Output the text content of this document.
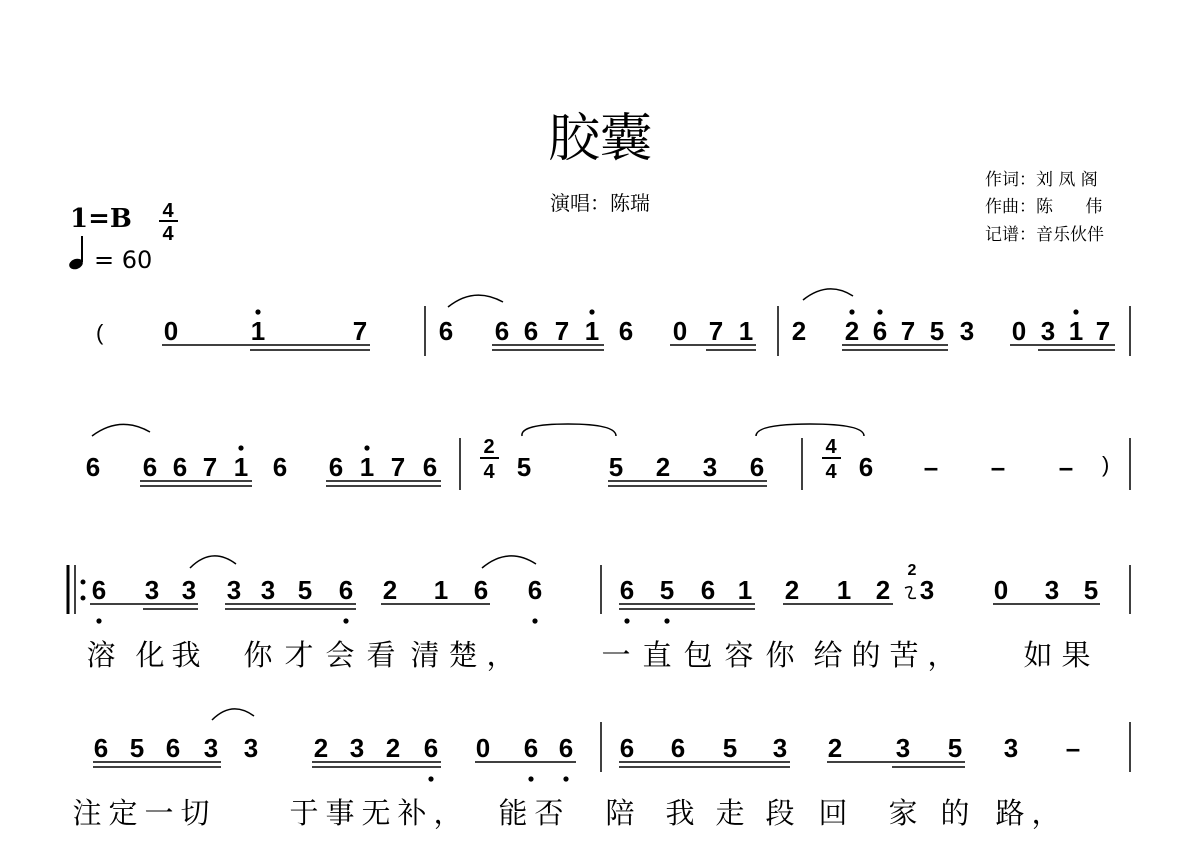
胶囊
演唱：陈瑞
作词：刘 凤 阁
作曲：陈      伟
记谱：音乐伙伴
1=B
= 60
4
4
( 0	1	7	6 6 6 7 1 6 0 7 1 2 2 6 7 5 3 0 3 1 7
6 6 6 7 1 6 6 1 7 6	5	5 2 3 6	6
2
4
4
4	– – – )
6 3 3 3 3 5 6 2 1 6 6	6 5 6 1 2 1 2 3 0 3 5
2
溶 化 我 你 才 会 看 清 楚 ，	一 直 包 容 你 给 的 苦 ， 如 果
6 5 6 3 3 2 3 2 6 0 6 6 6 6 5 3 2 3 5 3 –
注 定 一 切	于 事 无 补 ， 能 否 陪 我 走 段 回 家 的 路 ，
